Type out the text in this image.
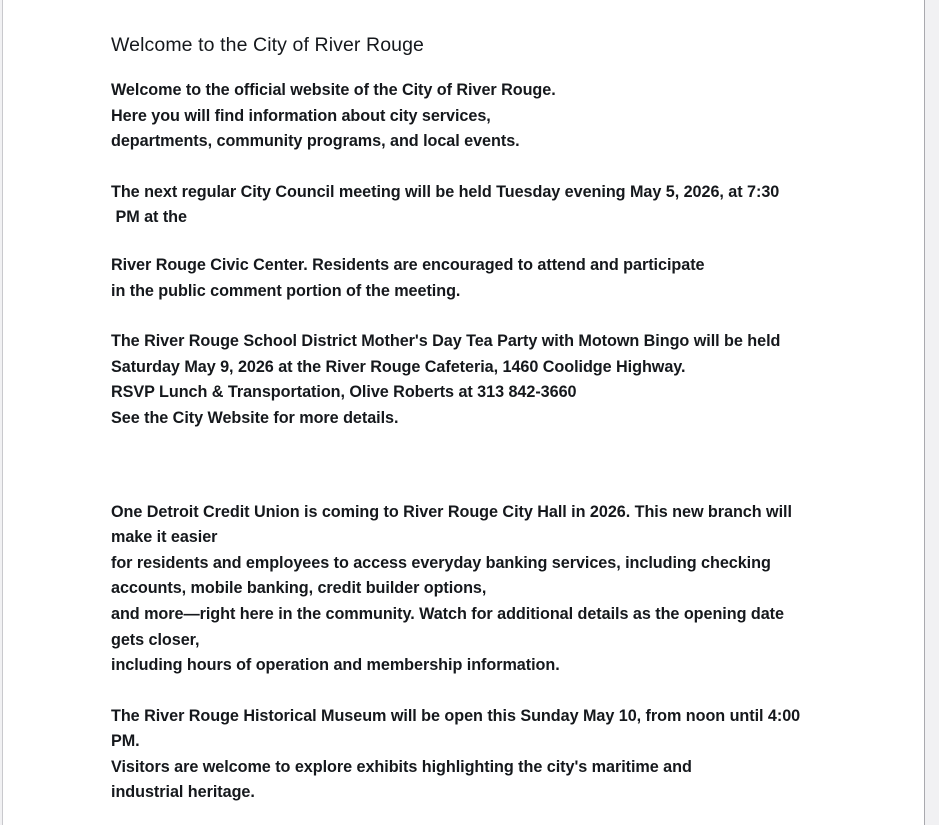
Welcome to the City of River Rouge

Welcome to the official website of the City of River Rouge.

Here you will find information about city services,

departments, community programs, and local events.

The next regular City Council meeting will be held Tuesday evening May 5, 2026, at 7:30

PM at the

River Rouge Civic Center. Residents are encouraged to attend and participate

in the public comment portion of the meeting.

The River Rouge School District Mother's Day Tea Party with Motown Bingo will be held

Saturday May 9, 2026 at the River Rouge Cafeteria, 1460 Coolidge Highway.

RSVP Lunch & Transportation, Olive Roberts at 313 842-3660

See the City Website for more details.

One Detroit Credit Union is coming to River Rouge City Hall in 2026. This new branch will

make it easier

for residents and employees to access everyday banking services, including checking

accounts, mobile banking, credit builder options,

and more—right here in the community. Watch for additional details as the opening date

gets closer,

including hours of operation and membership information.

The River Rouge Historical Museum will be open this Sunday May 10, from noon until 4:00

PM.

Visitors are welcome to explore exhibits highlighting the city's maritime and

industrial heritage.
